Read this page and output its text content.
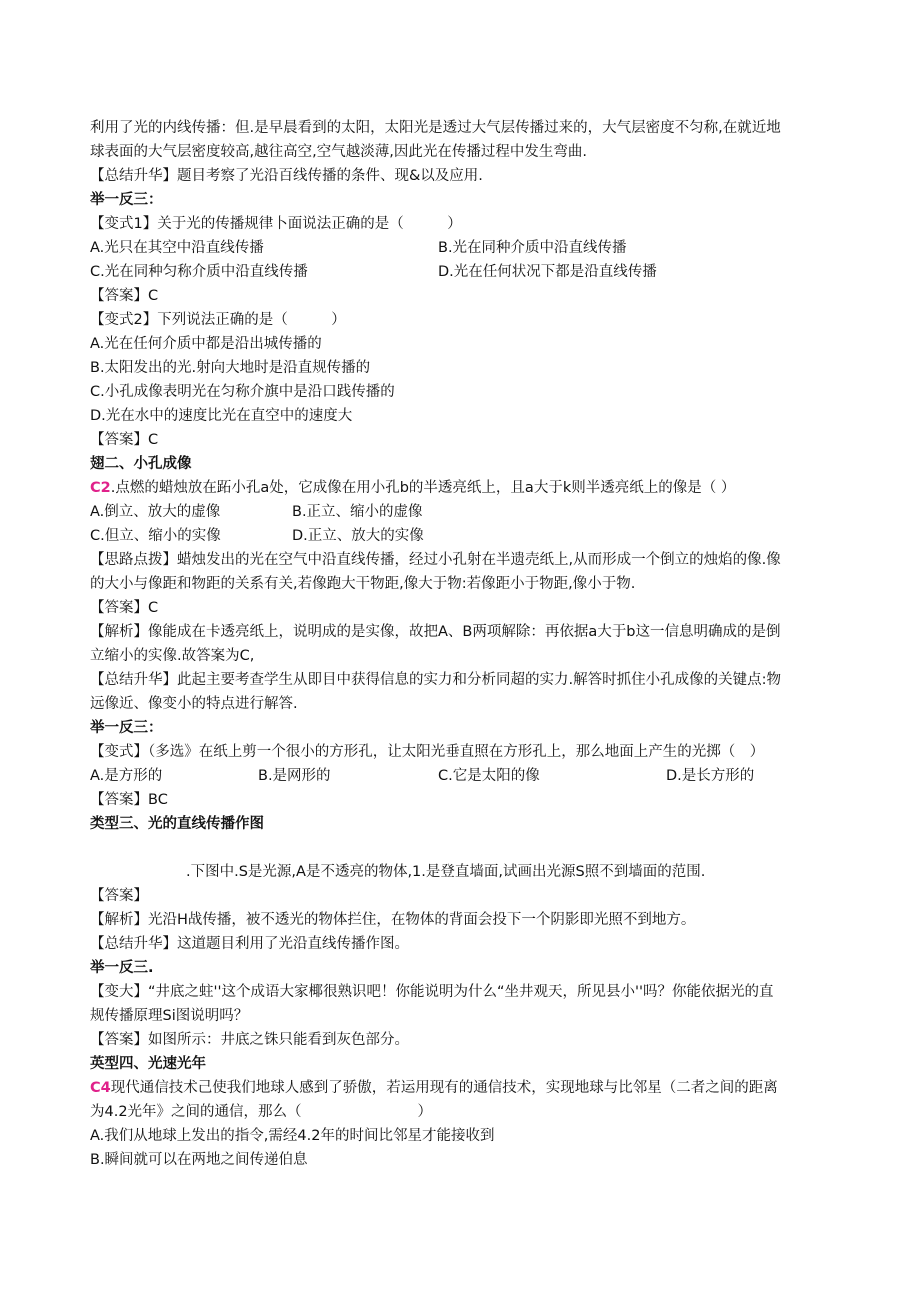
利用了光的内线传播：但.是早晨看到的太阳，太阳光是透过大气层传播过来的，大气层密度不匀称,在就近地
球表面的大气层密度较高,越往高空,空气越淡薄,因此光在传播过程中发生弯曲.
【总结升华】题目考察了光沿百线传播的条件、现&以及应用.
举一反三：
【变式1】关于光的传播规律卜面说法正确的是（　　　）
A.光只在其空中沿直线传播	B.光在同种介质中沿直线传播
C.光在同种匀称介质中沿直线传播	D.光在任何状况下都是沿直线传播
【答案】C
【变式2】下列说法正确的是（　　　）
A.光在任何介质中都是沿出城传播的
B.太阳发出的光.射向大地时是沿直规传播的
C.小孔成像表明光在匀称介旗中是沿口践传播的
D.光在水中的速度比光在直空中的速度大
【答案】C
翅二、小孔成像
C2.点燃的蜡烛放在跖小孔a处，它成像在用小孔b的半透亮纸上，且a大于k则半透亮纸上的像是（ ）
A.倒立、放大的虚像	B.正立、缩小的虚像
C.但立、缩小的实像	D.正立、放大的实像
【思路点拨】蜡烛发出的光在空气中沿直线传播，经过小孔射在半遗売纸上,从而形成一个倒立的烛焰的像.像
的大小与像距和物距的关系有关,若像跑大干物距,像大于物:若像距小于物距,像小于物.
【答案】C
【解析】像能成在卡透亮纸上，说明成的是实像，故把A、B两项解除：再依据a大于b这一信息明确成的是倒
立缩小的实像.故答案为C,
【总结升华】此起主要考查学生从即目中获得信息的实力和分析同超的实力.解答时抓住小孔成像的关键点:物
远像近、像变小的特点进行解答.
举一反三：
【变式】（多选》在纸上剪一个很小的方形孔，让太阳光垂直照在方形孔上，那么地面上产生的光掷（　）
A.是方形的	B.是网形的	C.它是太阳的像	D.是长方形的
【答案】BC
类型三、光的直线传播作图
.下图中.S是光源,A是不透亮的物体,1.是登直墙面,试画出光源S照不到墙面的范围.
【答案】
【解析】光沿H战传播，被不透光的物体拦住，在物体的背面会投下一个阴影即光照不到地方。
【总结升华】这道题目利用了光沿直线传播作图。
举一反三.
【变大】“井底之蛀''这个成语大家椰很熟识吧！你能说明为什么“坐井观天，所见县小''吗？你能依据光的直
规传播原理Si图说明吗？
【答案】如图所示：井底之铢只能看到灰色部分。
英型四、光速光年
C4现代通信技术己使我们地球人感到了骄傲，若运用现有的通信技术，实现地球与比邻星（二者之间的距离
为4.2光年》之间的通信，那么（　　　　　　　　）
A.我们从地球上发出的指令,需经4.2年的时间比邻星才能接收到
B.瞬间就可以在两地之间传递伯息
